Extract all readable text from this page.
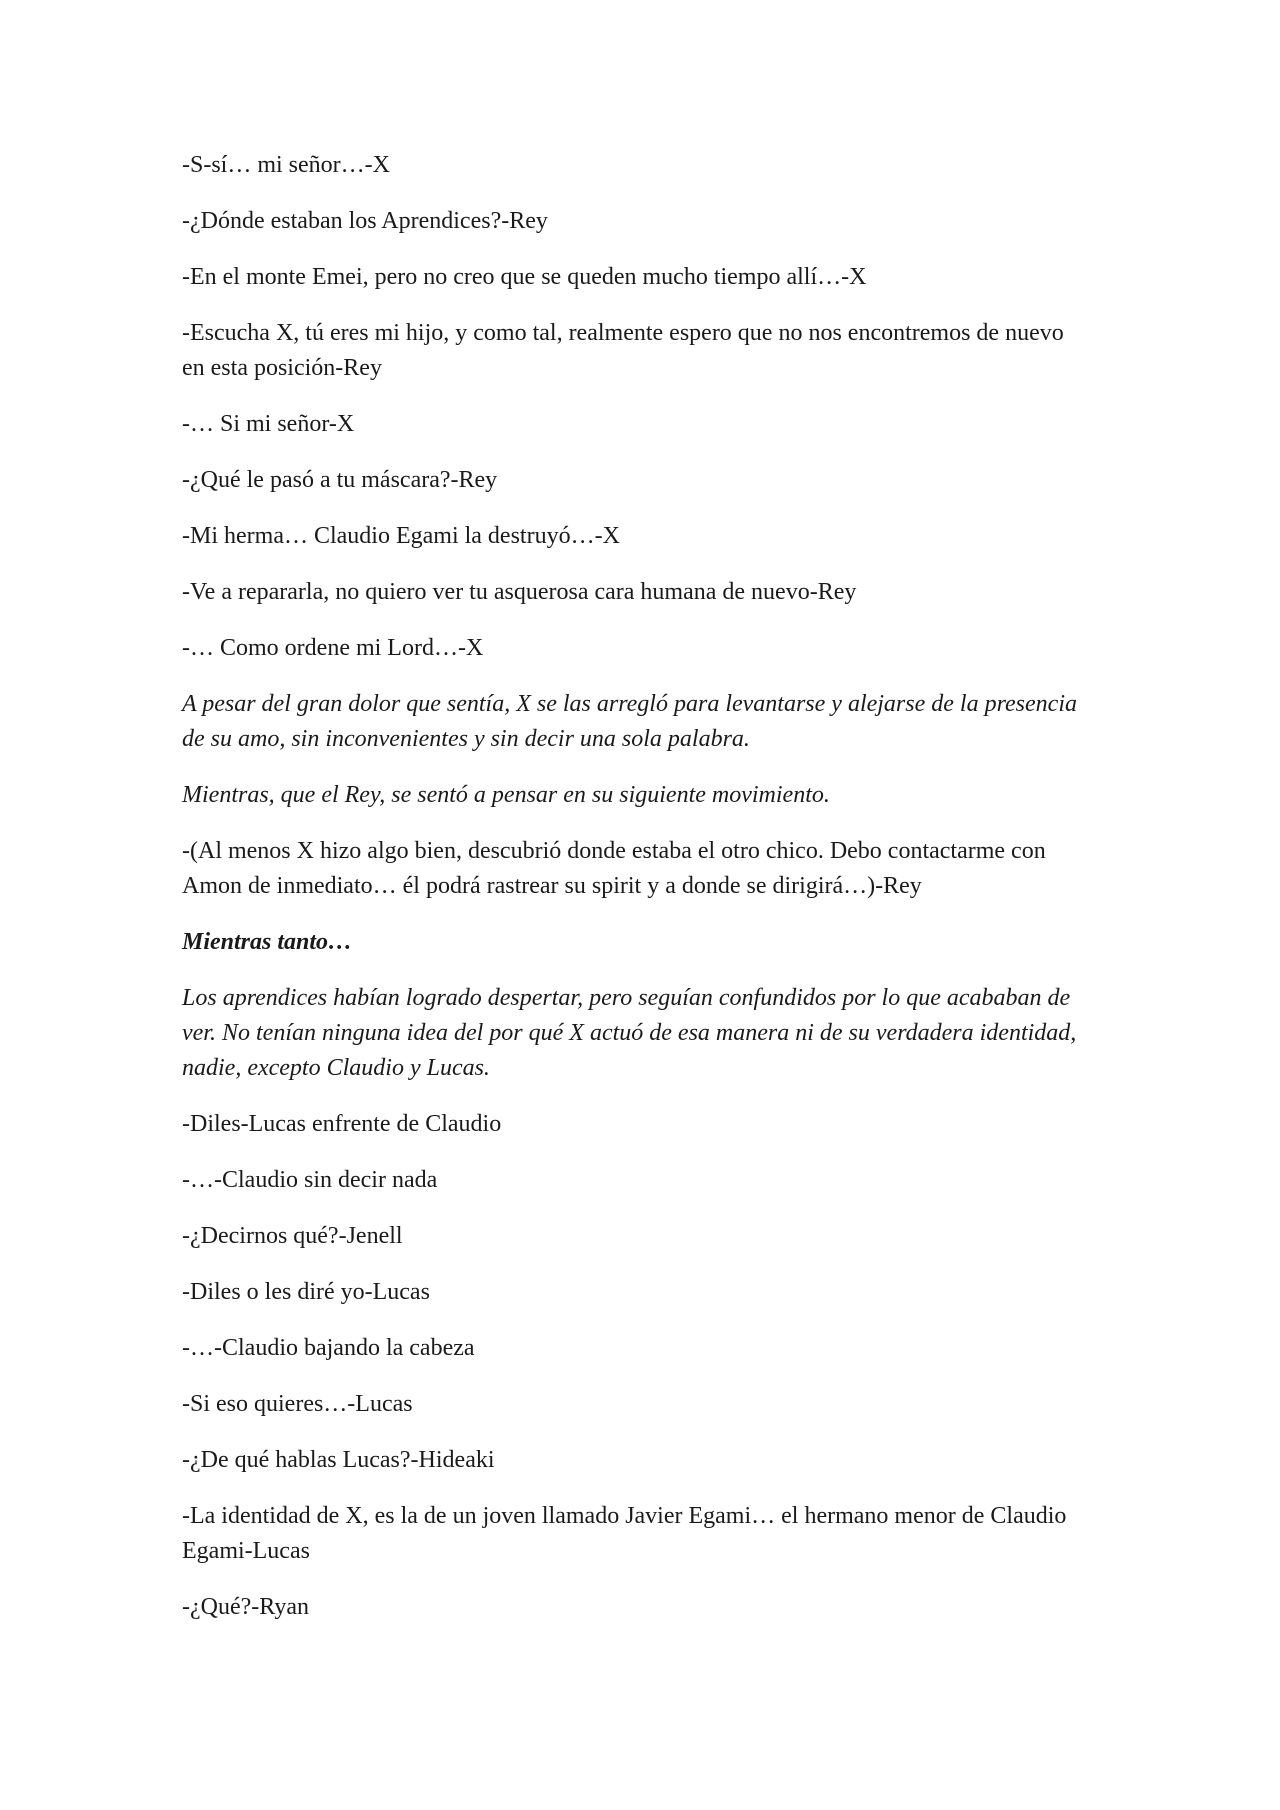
-S-sí… mi señor…-X

-¿Dónde estaban los Aprendices?-Rey

-En el monte Emei, pero no creo que se queden mucho tiempo allí…-X

-Escucha X, tú eres mi hijo, y como tal, realmente espero que no nos encontremos de nuevo en esta posición-Rey

-… Si mi señor-X

-¿Qué le pasó a tu máscara?-Rey

-Mi herma… Claudio Egami la destruyó…-X

-Ve a repararla, no quiero ver tu asquerosa cara humana de nuevo-Rey

-… Como ordene mi Lord…-X

A pesar del gran dolor que sentía, X se las arregló para levantarse y alejarse de la presencia de su amo, sin inconvenientes y sin decir una sola palabra.

Mientras, que el Rey, se sentó a pensar en su siguiente movimiento.

-(Al menos X hizo algo bien, descubrió donde estaba el otro chico. Debo contactarme con Amon de inmediato… él podrá rastrear su spirit y a donde se dirigirá…)-Rey

Mientras tanto…

Los aprendices habían logrado despertar, pero seguían confundidos por lo que acababan de ver. No tenían ninguna idea del por qué X actuó de esa manera ni de su verdadera identidad, nadie, excepto Claudio y Lucas.

-Diles-Lucas enfrente de Claudio

-…-Claudio sin decir nada

-¿Decirnos qué?-Jenell

-Diles o les diré yo-Lucas

-…-Claudio bajando la cabeza

-Si eso quieres…-Lucas

-¿De qué hablas Lucas?-Hideaki

-La identidad de X, es la de un joven llamado Javier Egami… el hermano menor de Claudio Egami-Lucas

-¿Qué?-Ryan
